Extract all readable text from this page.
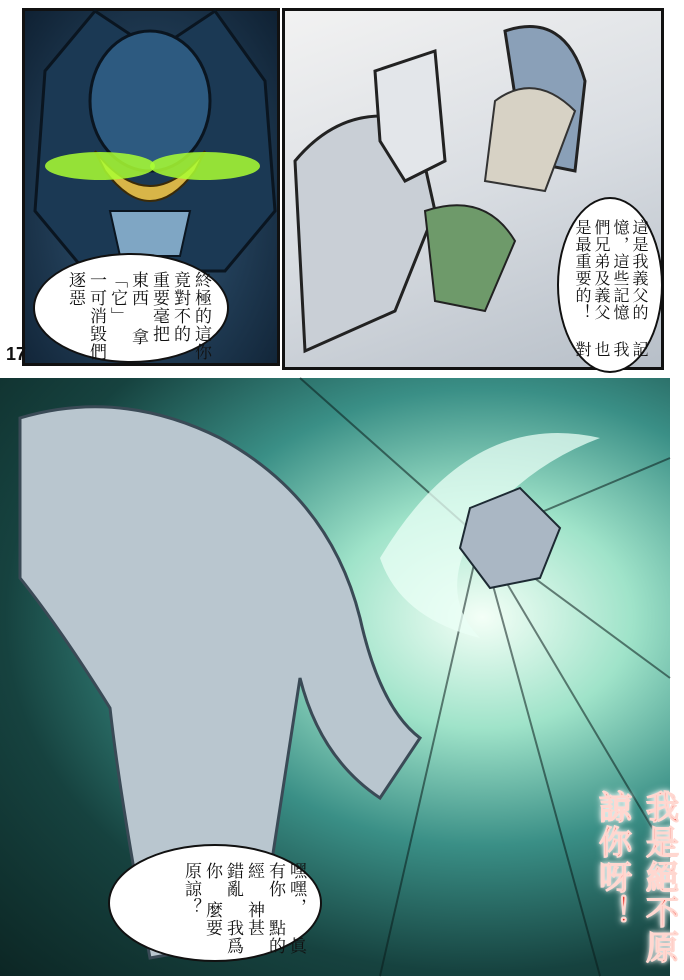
終極的這你 竟對不的 重要毫把 東西 拿「它」 一可消毀們 逐惡
17
這是我義父的 記憶，這些記憶 我們兄弟及義父 也是最重要的！ 對
我是絕不原諒你呀！
嘿嘿， 眞有你 點的經 神甚 錯亂 我爲你 麼要 原諒？
